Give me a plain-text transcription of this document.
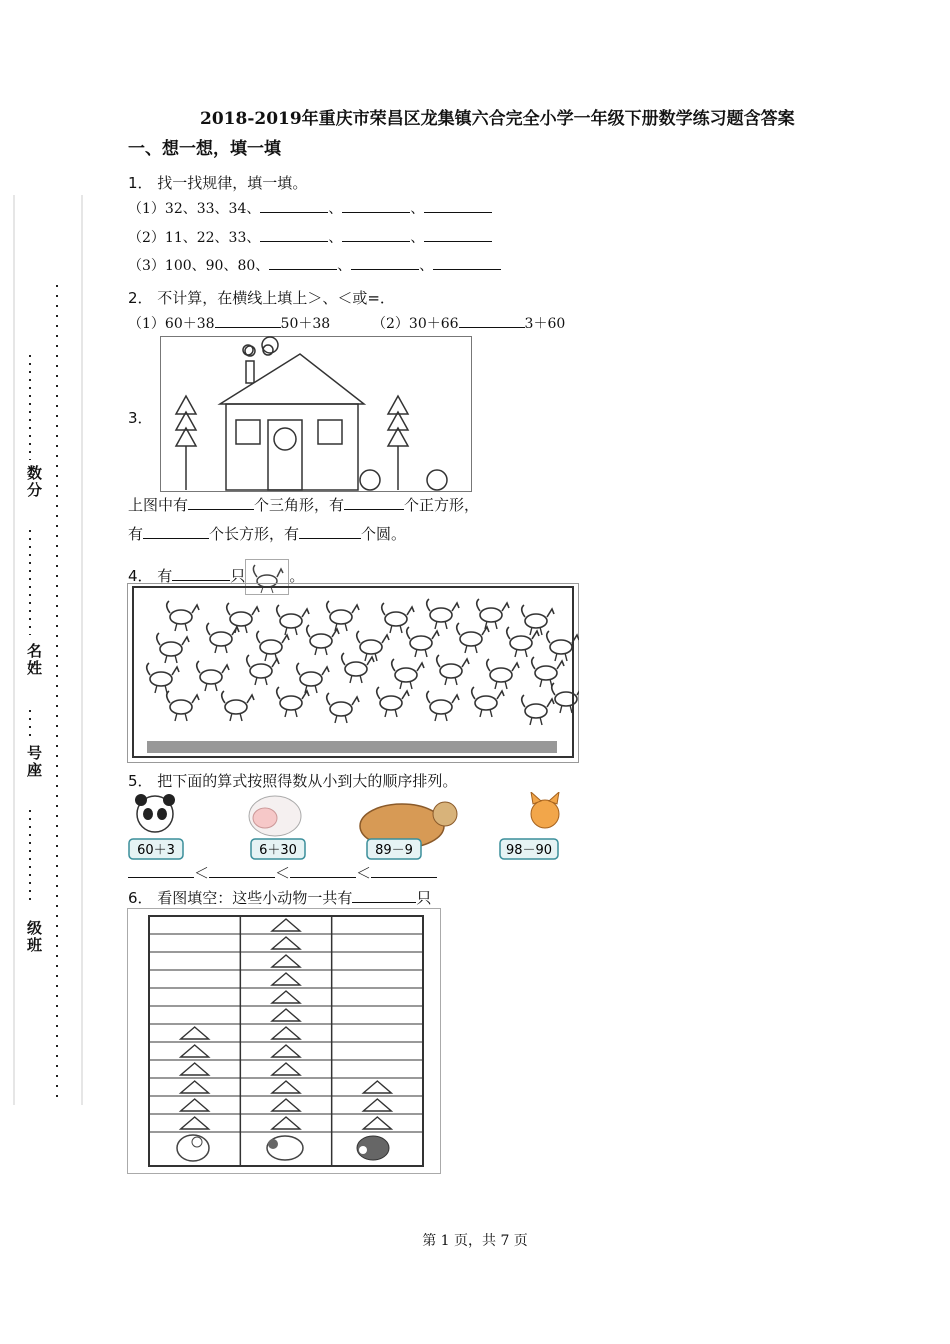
数分
名姓
号座
级班
2018-2019年重庆市荣昌区龙集镇六合完全小学一年级下册数学练习题含答案
一、想一想，填一填
1． 找一找规律，填一填。
（1）32、33、34、	、	、
（2）11、22、33、	、	、
（3）100、90、80、	、	、
2． 不计算，在横线上填上＞、＜或=．
（1）60＋38	50＋38	（2）30＋66	3＋60
3．
上图中有	个三角形，有	个正方形，
有	个长方形，有	个圆。
4． 有	只	。
5． 把下面的算式按照得数从小到大的顺序排列。
60＋3	6＋30	89－9	98－90
＜	＜	＜
6． 看图填空：这些小动物一共有	只
第 1 页，共 7 页
